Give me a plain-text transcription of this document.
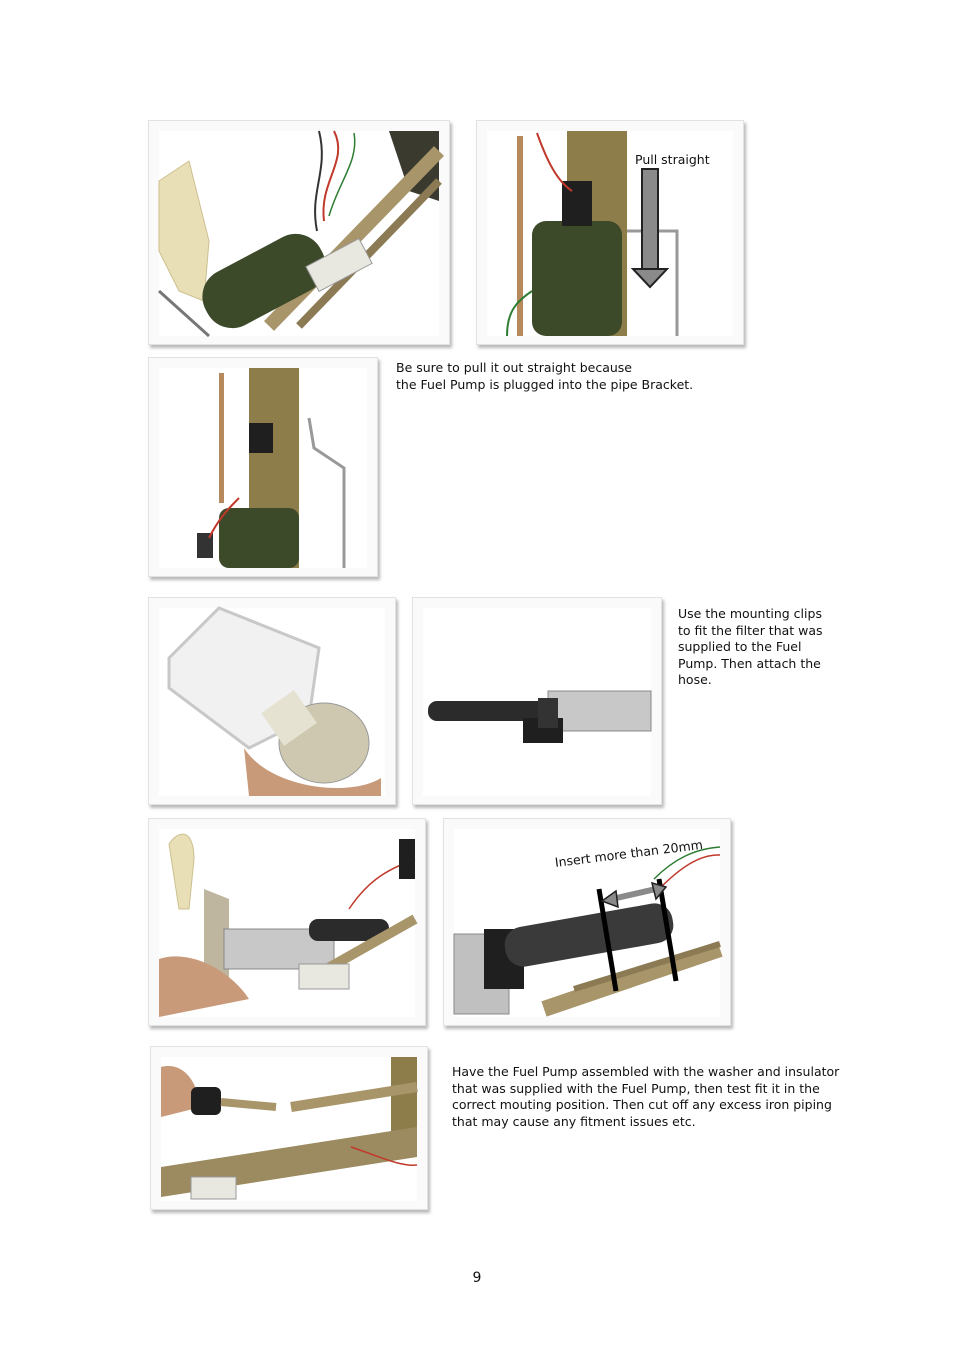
Pull straight
Be sure to pull it out straight because
the Fuel Pump is plugged into the pipe Bracket.
Use the mounting clips
to fit the filter that was
supplied to the Fuel
Pump. Then attach the
hose.
Insert more than 20mm
Have the Fuel Pump assembled with the washer and insulator
that was supplied with the Fuel Pump, then test fit it in the
correct mouting position. Then cut off any excess iron piping
that may cause any fitment issues etc.
9
